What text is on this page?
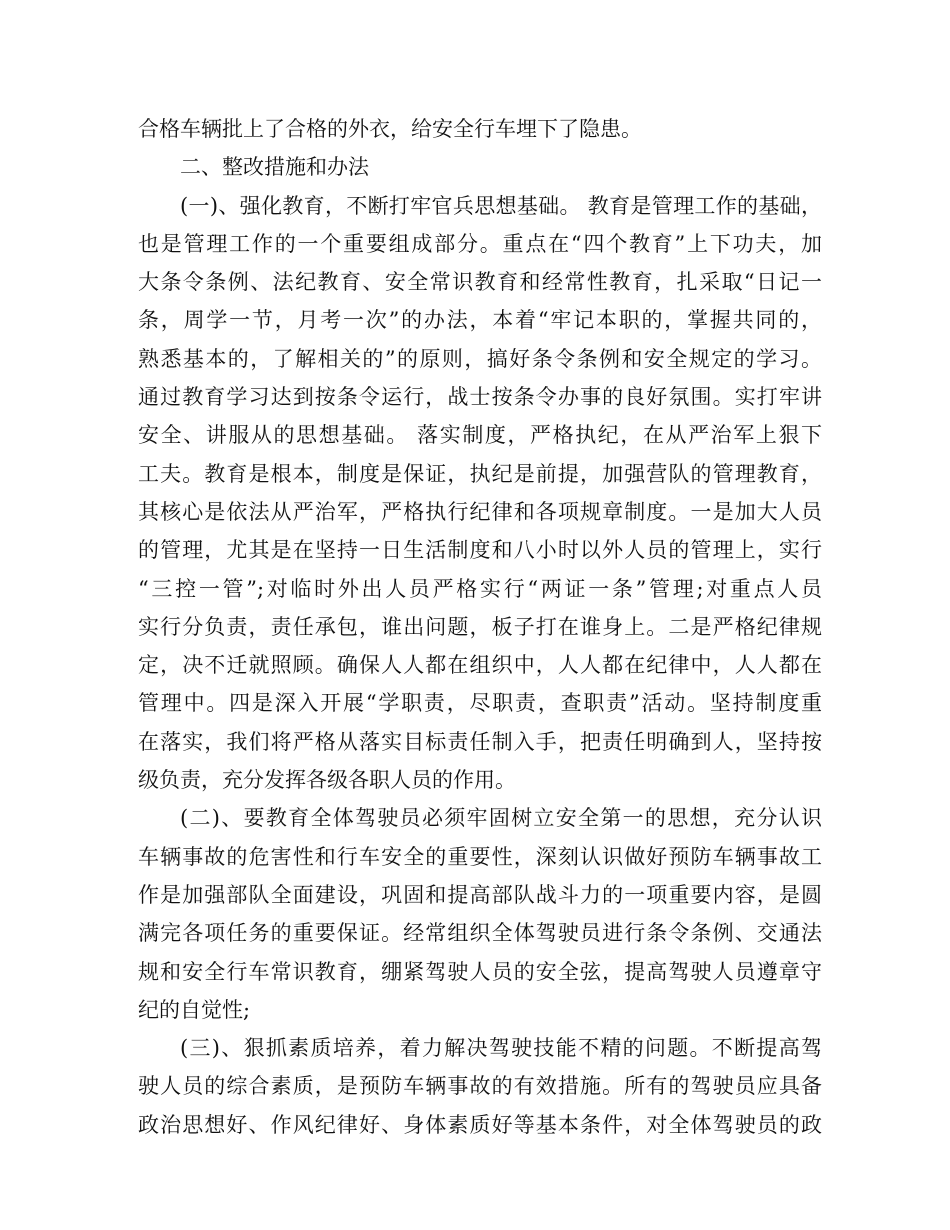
合格车辆批上了合格的外衣，给安全行车埋下了隐患。
二、整改措施和办法
(一)、强化教育，不断打牢官兵思想基础。 教育是管理工作的基础，
也是管理工作的一个重要组成部分。重点在“四个教育”上下功夫，加
大条令条例、法纪教育、安全常识教育和经常性教育，扎采取“日记一
条，周学一节，月考一次”的办法，本着“牢记本职的，掌握共同的，
熟悉基本的，了解相关的”的原则，搞好条令条例和安全规定的学习。
通过教育学习达到按条令运行，战士按条令办事的良好氛围。实打牢讲
安全、讲服从的思想基础。 落实制度，严格执纪，在从严治军上狠下
工夫。教育是根本，制度是保证，执纪是前提，加强营队的管理教育，
其核心是依法从严治军，严格执行纪律和各项规章制度。一是加大人员
的管理，尤其是在坚持一日生活制度和八小时以外人员的管理上，实行
“三控一管”;对临时外出人员严格实行“两证一条”管理;对重点人员
实行分负责，责任承包，谁出问题，板子打在谁身上。二是严格纪律规
定，决不迁就照顾。确保人人都在组织中，人人都在纪律中，人人都在
管理中。四是深入开展“学职责，尽职责，查职责”活动。坚持制度重
在落实，我们将严格从落实目标责任制入手，把责任明确到人，坚持按
级负责，充分发挥各级各职人员的作用。
(二)、要教育全体驾驶员必须牢固树立安全第一的思想，充分认识
车辆事故的危害性和行车安全的重要性，深刻认识做好预防车辆事故工
作是加强部队全面建设，巩固和提高部队战斗力的一项重要内容，是圆
满完各项任务的重要保证。经常组织全体驾驶员进行条令条例、交通法
规和安全行车常识教育，绷紧驾驶人员的安全弦，提高驾驶人员遵章守
纪的自觉性;
(三)、狠抓素质培养，着力解决驾驶技能不精的问题。不断提高驾
驶人员的综合素质，是预防车辆事故的有效措施。所有的驾驶员应具备
政治思想好、作风纪律好、身体素质好等基本条件，对全体驾驶员的政
